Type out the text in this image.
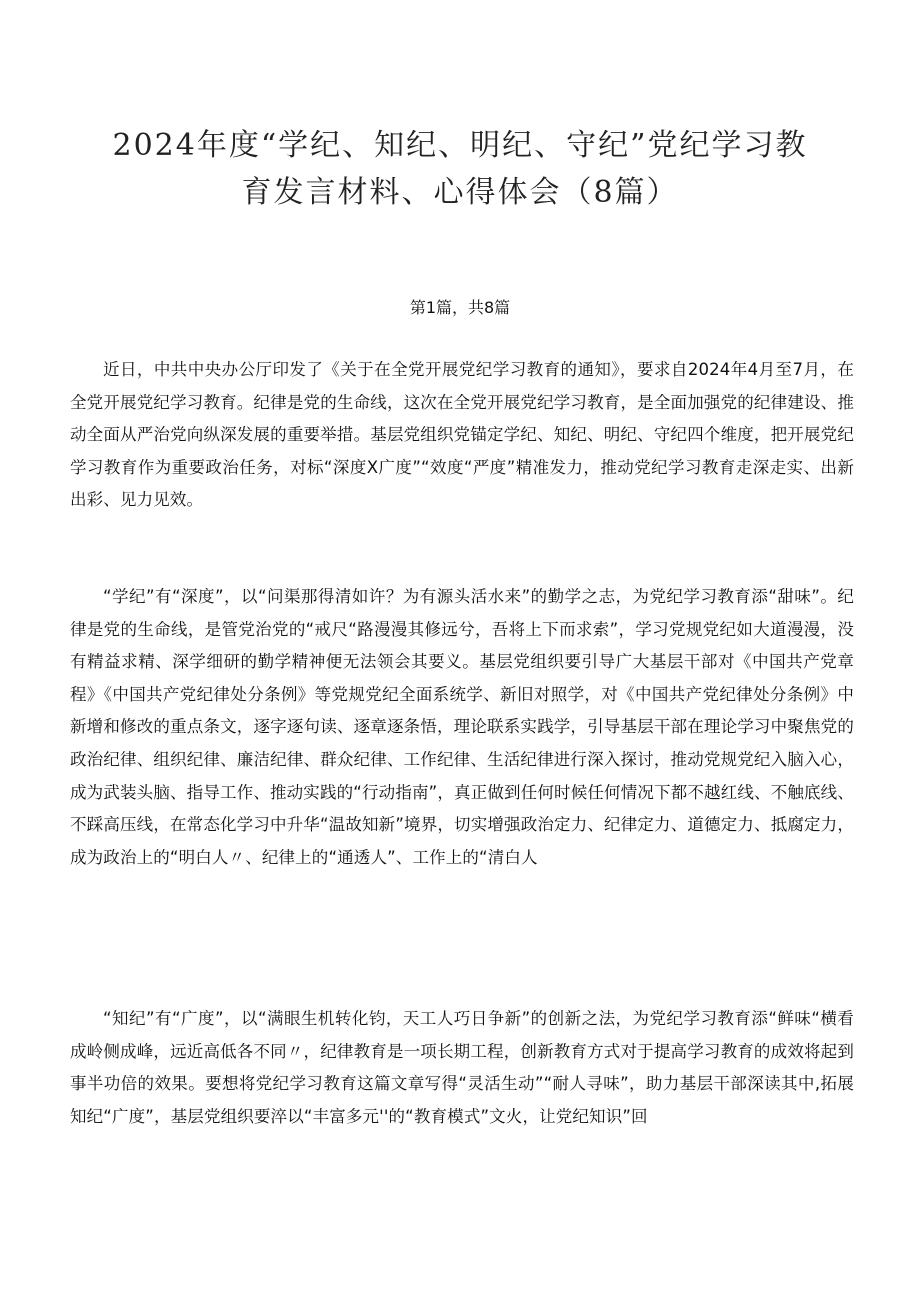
2024年度“学纪、知纪、明纪、守纪”党纪学习教
育发言材料、心得体会（8篇）
第1篇，共8篇

近日，中共中央办公厅印发了《关于在全党开展党纪学习教育的通知》，要求自2024年4月至7月，在全党开展党纪学习教育。纪律是党的生命线，这次在全党开展党纪学习教育，是全面加强党的纪律建设、推动全面从严治党向纵深发展的重要举措。基层党组织党锚定学纪、知纪、明纪、守纪四个维度，把开展党纪学习教育作为重要政治任务，对标“深度X广度”“效度“严度”精准发力，推动党纪学习教育走深走实、出新出彩、见力见效。

“学纪”有“深度”，以“问渠那得清如许？为有源头活水来”的勤学之志，为党纪学习教育添“甜味”。纪律是党的生命线，是管党治党的“戒尺“路漫漫其修远兮，吾将上下而求索”，学习党规党纪如大道漫漫，没有精益求精、深学细研的勤学精神便无法领会其要义。基层党组织要引导广大基层干部对《中国共产党章程》《中国共产党纪律处分条例》等党规党纪全面系统学、新旧对照学，对《中国共产党纪律处分条例》中新增和修改的重点条文，逐字逐句读、逐章逐条悟，理论联系实践学，引导基层干部在理论学习中聚焦党的政治纪律、组织纪律、廉洁纪律、群众纪律、工作纪律、生活纪律进行深入探讨，推动党规党纪入脑入心，成为武装头脑、指导工作、推动实践的“行动指南”，真正做到任何时候任何情况下都不越红线、不触底线、不踩高压线，在常态化学习中升华“温故知新”境界，切实增强政治定力、纪律定力、道德定力、抵腐定力，成为政治上的“明白人〃、纪律上的“通透人”、工作上的“清白人

“知纪”有“广度”，以“满眼生机转化钧，天工人巧日争新”的创新之法，为党纪学习教育添“鲜味“横看成岭侧成峰，远近高低各不同〃，纪律教育是一项长期工程，创新教育方式对于提高学习教育的成效将起到事半功倍的效果。要想将党纪学习教育这篇文章写得“灵活生动”“耐人寻味”，助力基层干部深读其中,拓展知纪“广度”，基层党组织要淬以“丰富多元''的“教育模式”文火，让党纪知识”回
